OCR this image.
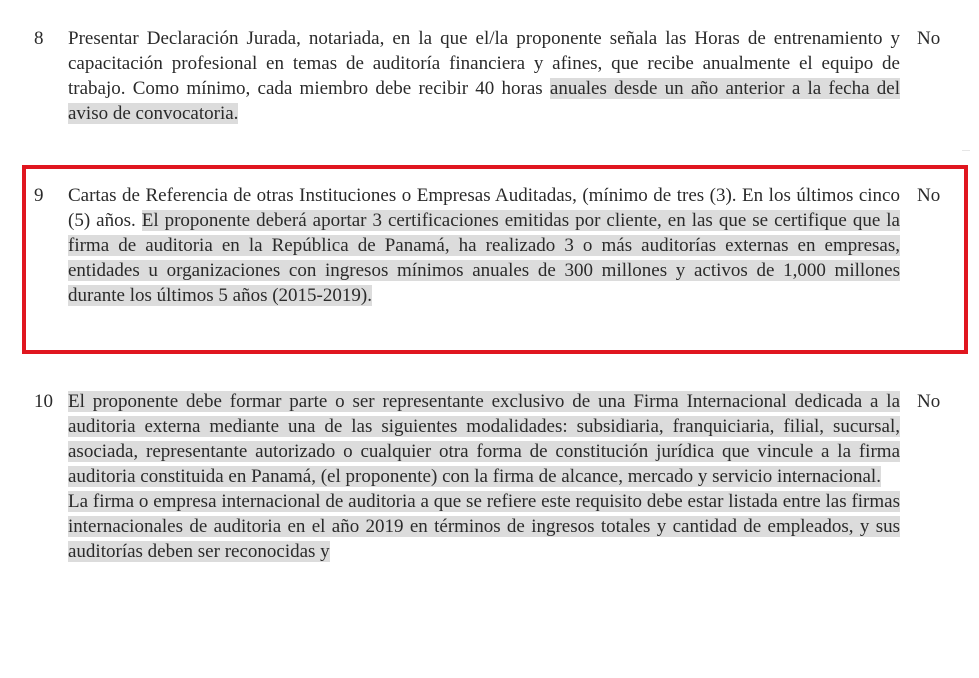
8 Presentar Declaración Jurada, notariada, en la que el/la proponente señala las Horas de entrenamiento y capacitación profesional en temas de auditoría financiera y afines, que recibe anualmente el equipo de trabajo. Como mínimo, cada miembro debe recibir 40 horas anuales desde un año anterior a la fecha del aviso de convocatoria.
No
9 Cartas de Referencia de otras Instituciones o Empresas Auditadas, (mínimo de tres (3). En los últimos cinco (5) años. El proponente deberá aportar 3 certificaciones emitidas por cliente, en las que se certifique que la firma de auditoria en la República de Panamá, ha realizado 3 o más auditorías externas en empresas, entidades u organizaciones con ingresos mínimos anuales de 300 millones y activos de 1,000 millones durante los últimos 5 años (2015-2019).
No
10 El proponente debe formar parte o ser representante exclusivo de una Firma Internacional dedicada a la auditoria externa mediante una de las siguientes modalidades: subsidiaria, franquiciaria, filial, sucursal, asociada, representante autorizado o cualquier otra forma de constitución jurídica que vincule a la firma auditoria constituida en Panamá, (el proponente) con la firma de alcance, mercado y servicio internacional.
La firma o empresa internacional de auditoria a que se refiere este requisito debe estar listada entre las firmas internacionales de auditoria en el año 2019 en términos de ingresos totales y cantidad de empleados, y sus auditorías deben ser reconocidas y
No
